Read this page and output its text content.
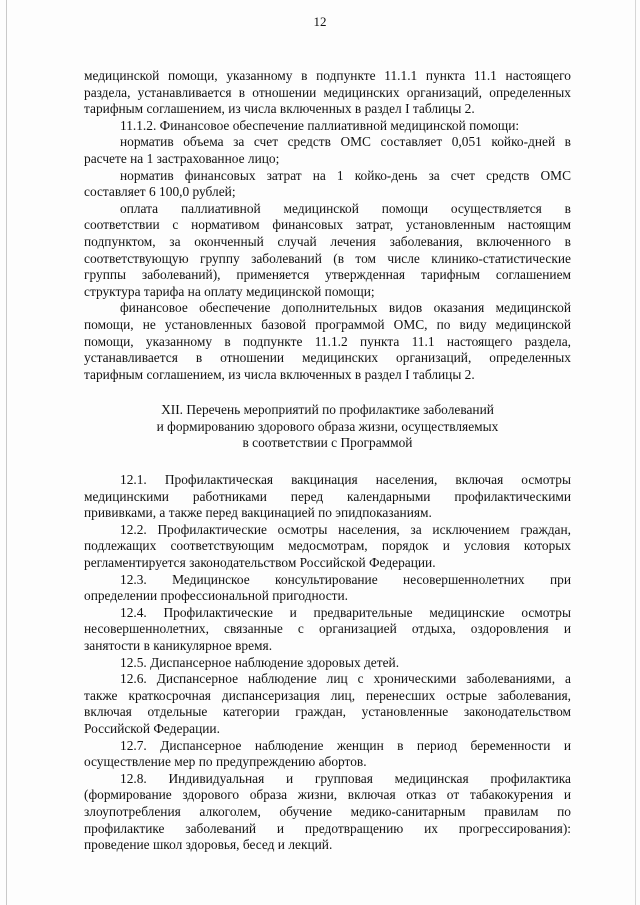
12
медицинской помощи, указанному в подпункте 11.1.1 пункта 11.1 настоящего
раздела, устанавливается в отношении медицинских организаций, определенных
тарифным соглашением, из числа включенных в раздел I таблицы 2.
11.1.2. Финансовое обеспечение паллиативной медицинской помощи:
норматив объема за счет средств ОМС составляет 0,051 койко-дней в
расчете на 1 застрахованное лицо;
норматив финансовых затрат на 1 койко-день за счет средств ОМС
составляет 6 100,0 рублей;
оплата паллиативной медицинской помощи осуществляется в
соответствии с нормативом финансовых затрат, установленным настоящим
подпунктом, за оконченный случай лечения заболевания, включенного в
соответствующую группу заболеваний (в том числе клинико-статистические
группы заболеваний), применяется утвержденная тарифным соглашением
структура тарифа на оплату медицинской помощи;
финансовое обеспечение дополнительных видов оказания медицинской
помощи, не установленных базовой программой ОМС, по виду медицинской
помощи, указанному в подпункте 11.1.2 пункта 11.1 настоящего раздела,
устанавливается в отношении медицинских организаций, определенных
тарифным соглашением, из числа включенных в раздел I таблицы 2.
XII. Перечень мероприятий по профилактике заболеваний
и формированию здорового образа жизни, осуществляемых
в соответствии с Программой
12.1. Профилактическая вакцинация населения, включая осмотры
медицинскими работниками перед календарными профилактическими
прививками, а также перед вакцинацией по эпидпоказаниям.
12.2. Профилактические осмотры населения, за исключением граждан,
подлежащих соответствующим медосмотрам, порядок и условия которых
регламентируется законодательством Российской Федерации.
12.3. Медицинское консультирование несовершеннолетних при
определении профессиональной пригодности.
12.4. Профилактические и предварительные медицинские осмотры
несовершеннолетних, связанные с организацией отдыха, оздоровления и
занятости в каникулярное время.
12.5. Диспансерное наблюдение здоровых детей.
12.6. Диспансерное наблюдение лиц с хроническими заболеваниями, а
также краткосрочная диспансеризация лиц, перенесших острые заболевания,
включая отдельные категории граждан, установленные законодательством
Российской Федерации.
12.7. Диспансерное наблюдение женщин в период беременности и
осуществление мер по предупреждению абортов.
12.8. Индивидуальная и групповая медицинская профилактика
(формирование здорового образа жизни, включая отказ от табакокурения и
злоупотребления алкоголем, обучение медико-санитарным правилам по
профилактике заболеваний и предотвращению их прогрессирования):
проведение школ здоровья, бесед и лекций.
